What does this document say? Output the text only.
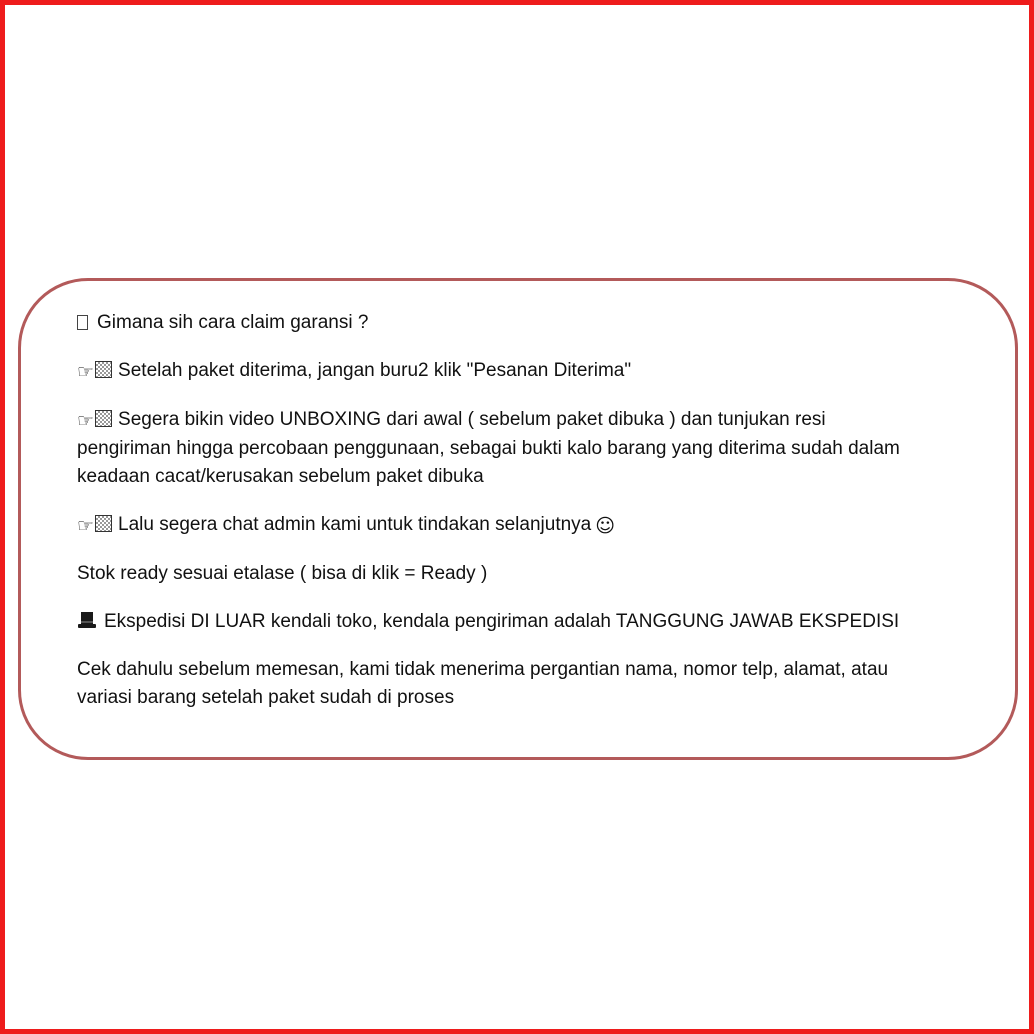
Gimana sih cara claim garansi ?

☞ Setelah paket diterima, jangan buru2 klik "Pesanan Diterima"

☞ Segera bikin video UNBOXING dari awal ( sebelum paket dibuka ) dan tunjukan resi
pengiriman hingga percobaan penggunaan, sebagai bukti kalo barang yang diterima sudah dalam
keadaan cacat/kerusakan sebelum paket dibuka

☞ Lalu segera chat admin kami untuk tindakan selanjutnya ☺

Stok ready sesuai etalase ( bisa di klik = Ready )

Ekspedisi DI LUAR kendali toko, kendala pengiriman adalah TANGGUNG JAWAB EKSPEDISI

Cek dahulu sebelum memesan, kami tidak menerima pergantian nama, nomor telp, alamat, atau
variasi barang setelah paket sudah di proses
